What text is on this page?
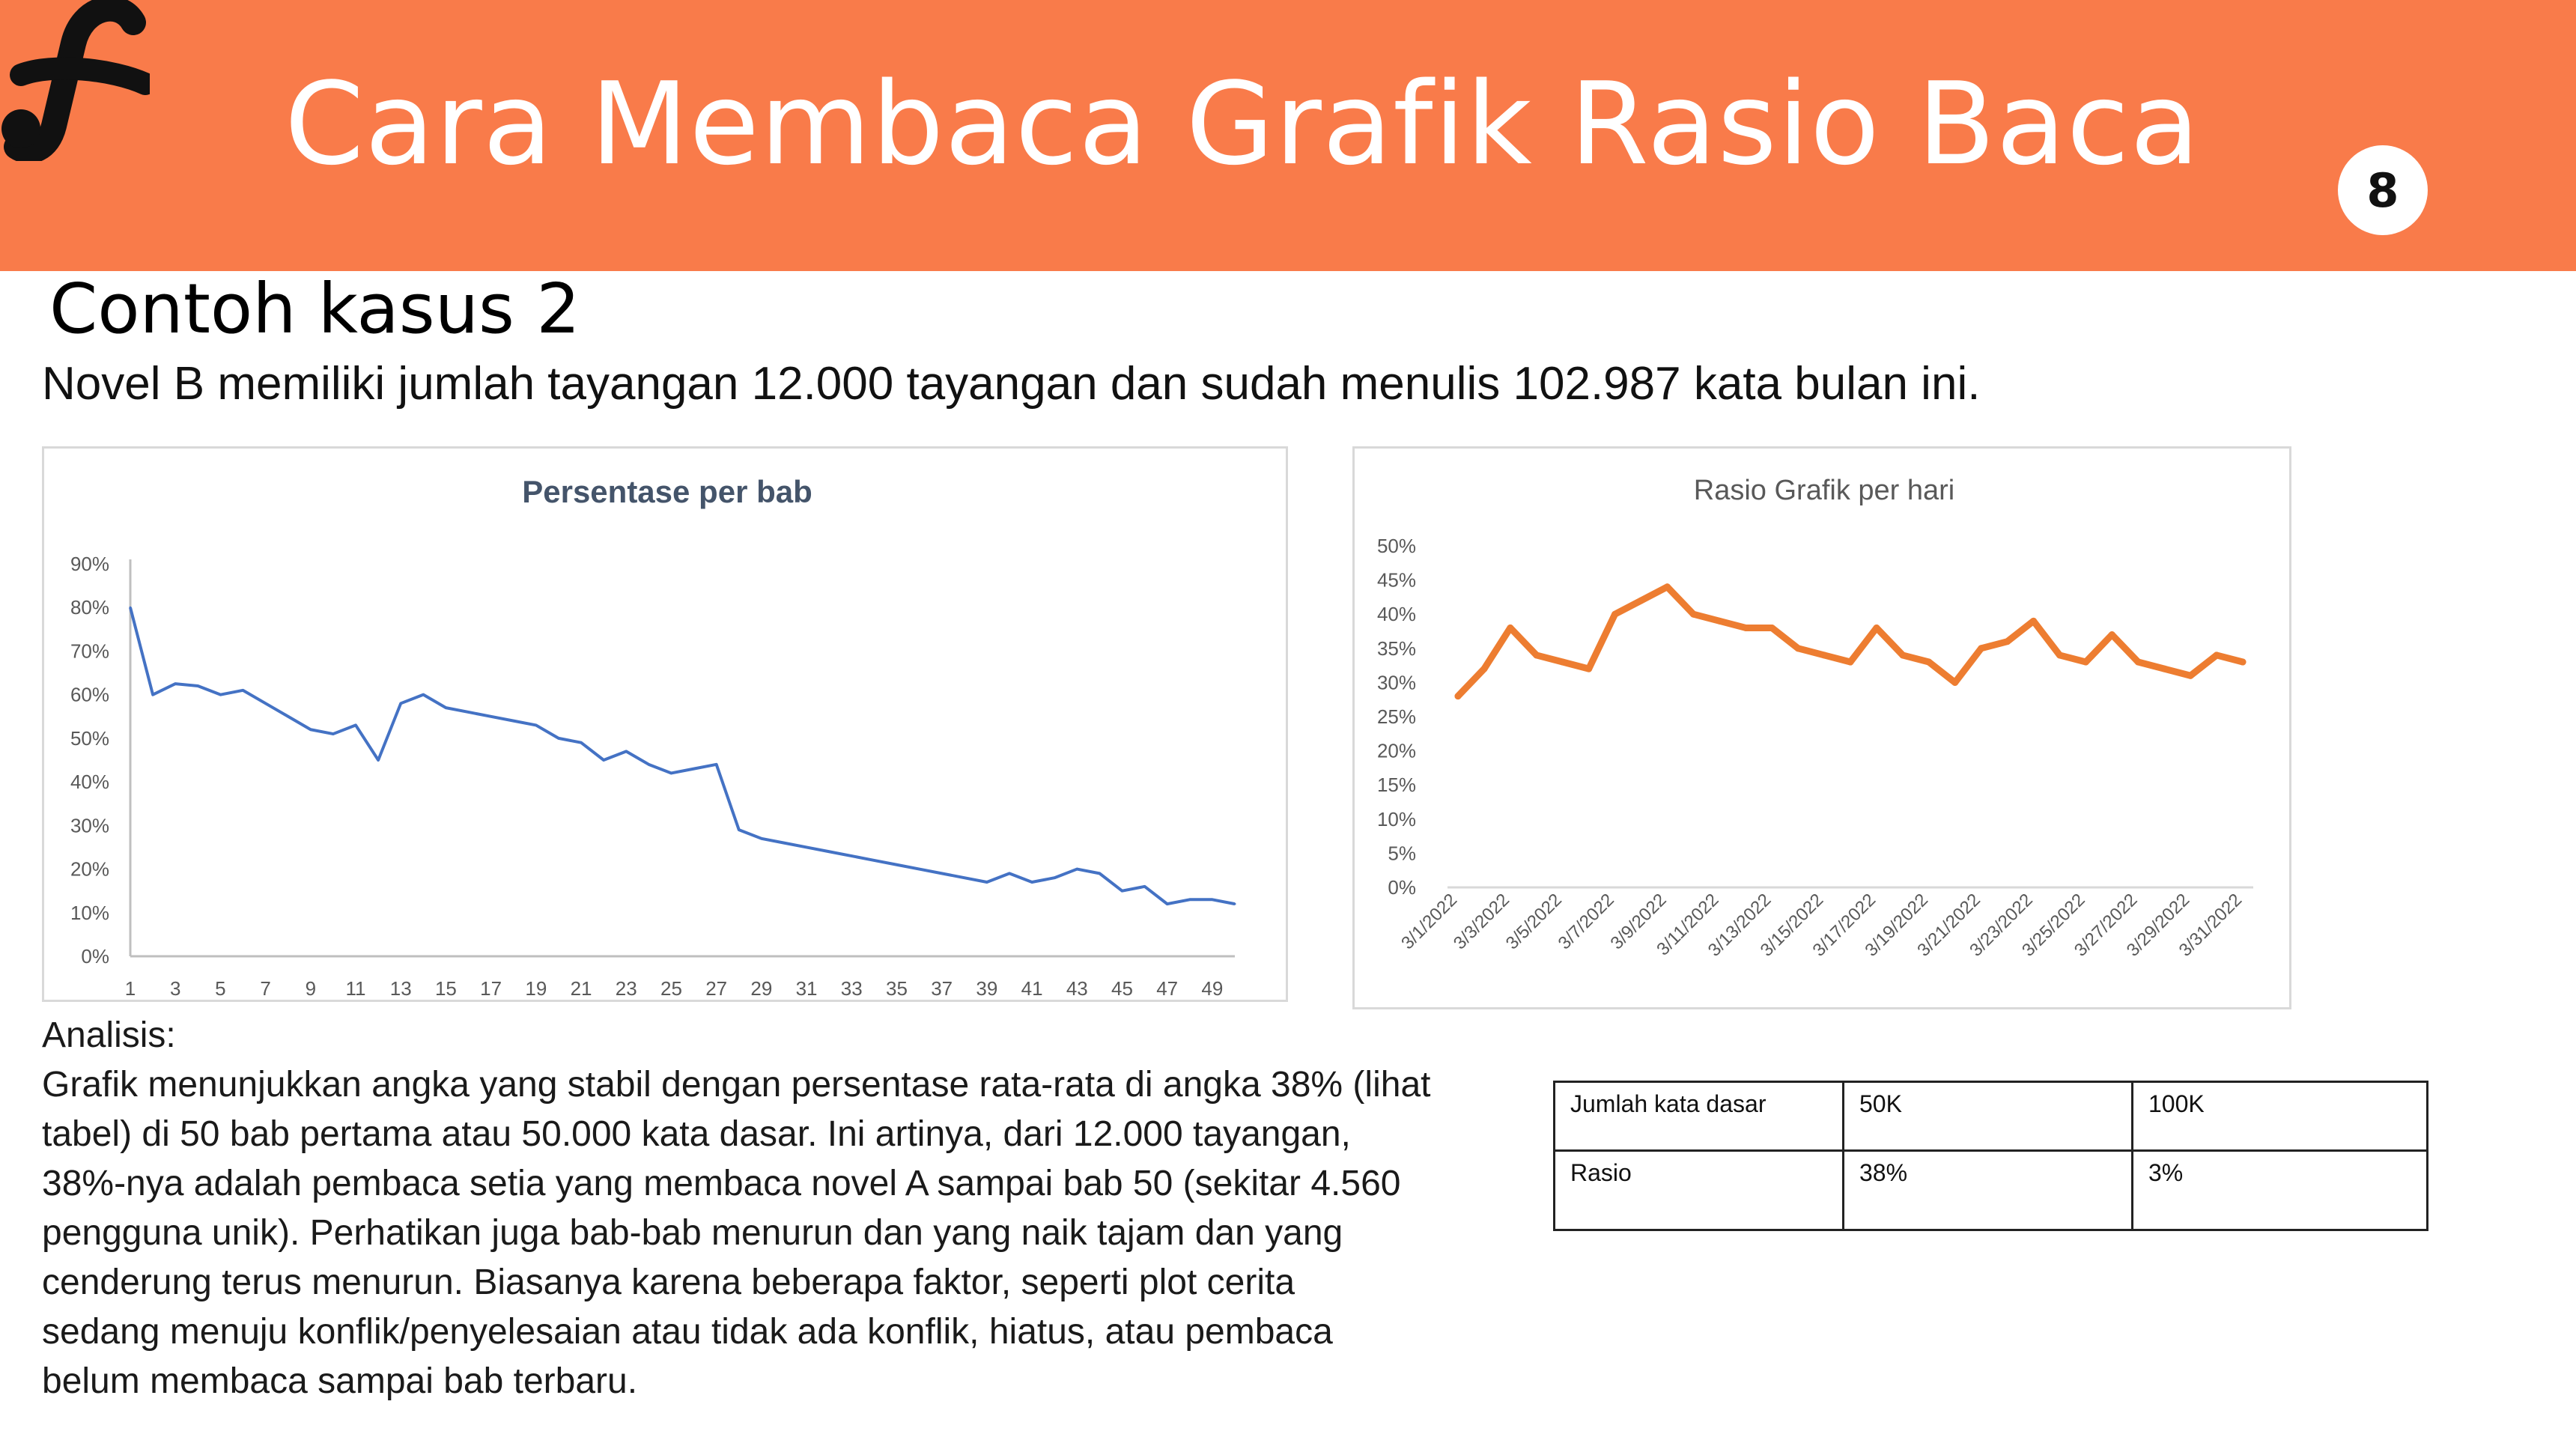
Cara Membaca Grafik Rasio Baca	8
Contoh kasus 2
Novel B memiliki jumlah tayangan 12.000 tayangan dan sudah menulis 102.987 kata bulan ini.
Persentase per bab
0%
10%
20%
30%
40%
50%
60%
70%
80%
90%
1 3 5 7 9 11 13 15 17 19 21 23 25 27 29 31 33 35 37 39 41 43 45 47 49
Rasio Grafik per hari
0%
5%
10%
15%
20%
25%
30%
35%
40%
45%
50%
3/1/2022
3/3/2022
3/5/2022
3/7/2022
3/9/2022
3/11/2022
3/13/2022
3/15/2022
3/17/2022
3/19/2022
3/21/2022
3/23/2022
3/25/2022
3/27/2022
3/29/2022
3/31/2022

Analisis:

Grafik menunjukkan angka yang stabil dengan persentase rata-rata di angka 38% (lihat

tabel) di 50 bab pertama atau 50.000 kata dasar. Ini artinya, dari 12.000 tayangan,

38%-nya adalah pembaca setia yang membaca novel A sampai bab 50 (sekitar 4.560

pengguna unik). Perhatikan juga bab-bab menurun dan yang naik tajam dan yang

cenderung terus menurun. Biasanya karena beberapa faktor, seperti plot cerita

sedang menuju konflik/penyelesaian atau tidak ada konflik, hiatus, atau pembaca

belum membaca sampai bab terbaru.

Jumlah kata dasar	50K	100K
Rasio	38%	3%
